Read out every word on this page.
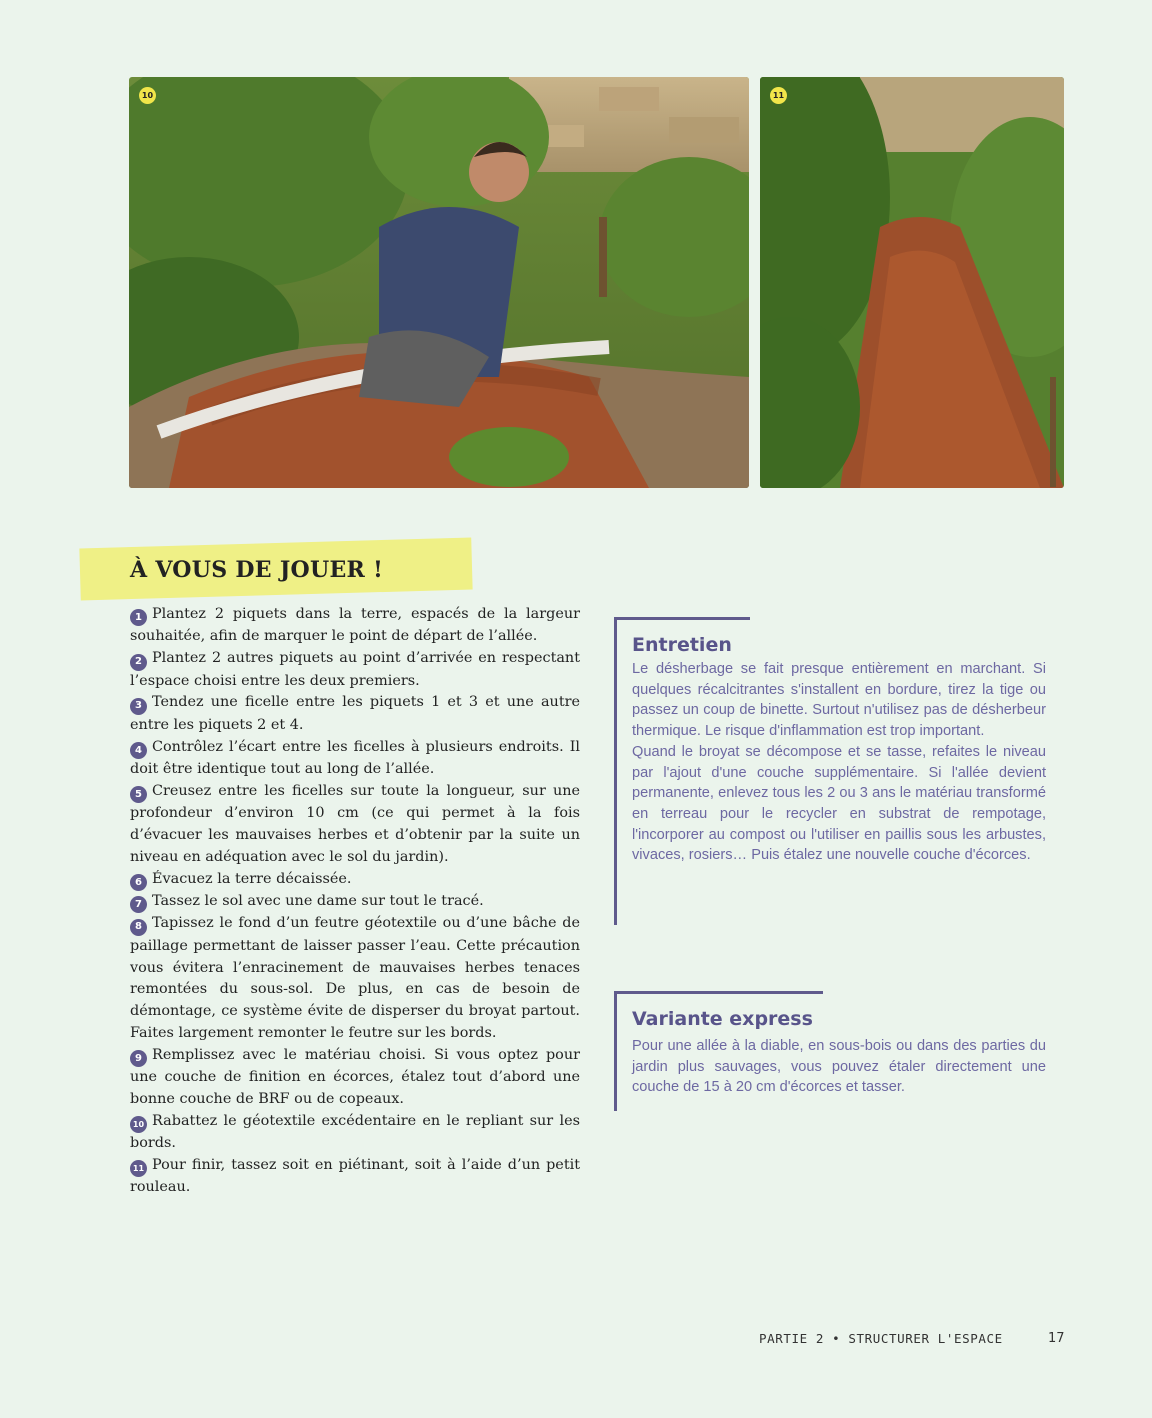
10	11
À VOUS DE JOUER !
1 Plantez 2 piquets dans la terre, espacés de la largeur souhaitée, afin de marquer le point de départ de l’allée.
2 Plantez 2 autres piquets au point d’arrivée en respectant l’espace choisi entre les deux premiers.
3 Tendez une ficelle entre les piquets 1 et 3 et une autre entre les piquets 2 et 4.
4 Contrôlez l’écart entre les ficelles à plusieurs endroits. Il doit être identique tout au long de l’allée.
5 Creusez entre les ficelles sur toute la longueur, sur une profondeur d’environ 10 cm (ce qui permet à la fois d’évacuer les mauvaises herbes et d’obtenir par la suite un niveau en adéquation avec le sol du jardin).
6 Évacuez la terre décaissée.
7 Tassez le sol avec une dame sur tout le tracé.
8 Tapissez le fond d’un feutre géotextile ou d’une bâche de paillage permettant de laisser passer l’eau. Cette précaution vous évitera l’enracinement de mauvaises herbes tenaces remontées du sous-sol. De plus, en cas de besoin de démontage, ce système évite de disperser du broyat partout. Faites largement remonter le feutre sur les bords.
9 Remplissez avec le matériau choisi. Si vous optez pour une couche de finition en écorces, étalez tout d’abord une bonne couche de BRF ou de copeaux.
10 Rabattez le géotextile excédentaire en le repliant sur les bords.
11 Pour finir, tassez soit en piétinant, soit à l’aide d’un petit rouleau.
Entretien

Le désherbage se fait presque entièrement en marchant. Si quelques récalcitrantes s'installent en bordure, tirez la tige ou passez un coup de binette. Surtout n'utilisez pas de désherbeur thermique. Le risque d'inflammation est trop important.

Quand le broyat se décompose et se tasse, refaites le niveau par l'ajout d'une couche supplémentaire. Si l'allée devient permanente, enlevez tous les 2 ou 3 ans le matériau transformé en terreau pour le recycler en substrat de rempotage, l'incorporer au compost ou l'utiliser en paillis sous les arbustes, vivaces, rosiers… Puis étalez une nouvelle couche d'écorces.

Variante express

Pour une allée à la diable, en sous-bois ou dans des parties du jardin plus sauvages, vous pouvez étaler directement une couche de 15 à 20 cm d'écorces et tasser.

PARTIE 2 • STRUCTURER L'ESPACE	17
